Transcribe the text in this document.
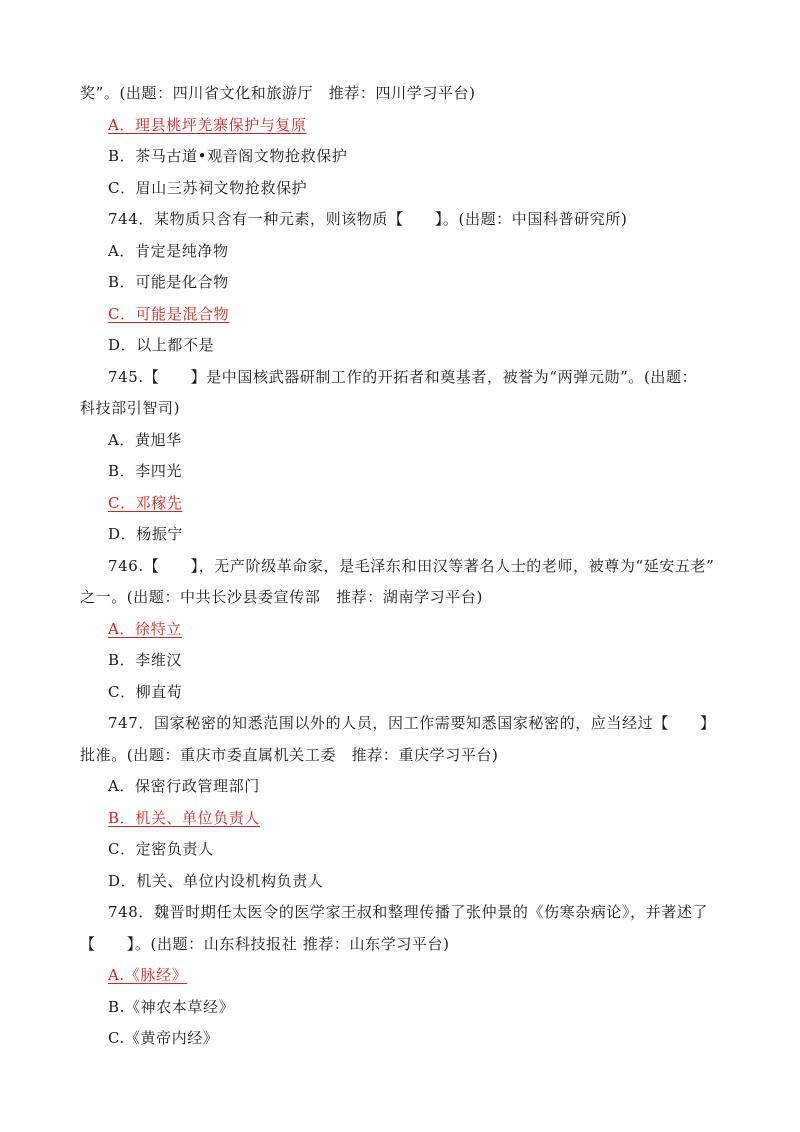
奖”。(出题：四川省文化和旅游厅　推荐：四川学习平台)
A．理县桃坪羌寨保护与复原
B．茶马古道•观音阁文物抢救保护
C．眉山三苏祠文物抢救保护
744．某物质只含有一种元素，则该物质【　　】。(出题：中国科普研究所)
A．肯定是纯净物
B．可能是化合物
C．可能是混合物
D．以上都不是
745.【　　】是中国核武器研制工作的开拓者和奠基者，被誉为“两弹元勋”。(出题：
科技部引智司)
A．黄旭华
B．李四光
C．邓稼先
D．杨振宁
746.【　　】，无产阶级革命家，是毛泽东和田汉等著名人士的老师，被尊为“延安五老”
之一。(出题：中共长沙县委宣传部　推荐：湖南学习平台)
A．徐特立
B．李维汉
C．柳直荀
747．国家秘密的知悉范围以外的人员，因工作需要知悉国家秘密的，应当经过【　　】
批准。(出题：重庆市委直属机关工委　推荐：重庆学习平台)
A．保密行政管理部门
B．机关、单位负责人
C．定密负责人
D．机关、单位内设机构负责人
748．魏晋时期任太医令的医学家王叔和整理传播了张仲景的《伤寒杂病论》，并著述了
【　　】。(出题：山东科技报社 推荐：山东学习平台)
A.《脉经》
B.《神农本草经》
C.《黄帝内经》
